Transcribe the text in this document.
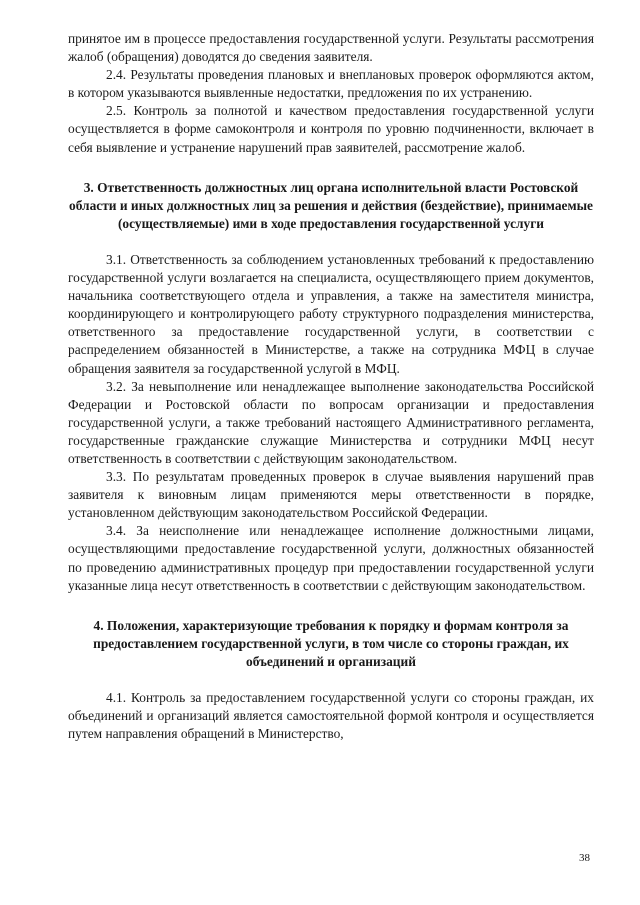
принятое им в процессе предоставления государственной услуги. Результаты рассмотрения жалоб (обращения) доводятся до сведения заявителя.

2.4. Результаты проведения плановых и внеплановых проверок оформляются актом, в котором указываются выявленные недостатки, предложения по их устранению.

2.5. Контроль за полнотой и качеством предоставления государственной услуги осуществляется в форме самоконтроля и контроля по уровню подчиненности, включает в себя выявление и устранение нарушений прав заявителей, рассмотрение жалоб.

3. Ответственность должностных лиц органа исполнительной власти Ростовской области и иных должностных лиц за решения и действия (бездействие), принимаемые (осуществляемые) ими в ходе предоставления государственной услуги

3.1. Ответственность за соблюдением установленных требований к предоставлению государственной услуги возлагается на специалиста, осуществляющего прием документов, начальника соответствующего отдела и управления, а также на заместителя министра, координирующего и контролирующего работу структурного подразделения министерства, ответственного за предоставление государственной услуги, в соответствии с распределением обязанностей в Министерстве, а также на сотрудника МФЦ в случае обращения заявителя за государственной услугой в МФЦ.

3.2. За невыполнение или ненадлежащее выполнение законодательства Российской Федерации и Ростовской области по вопросам организации и предоставления государственной услуги, а также требований настоящего Административного регламента, государственные гражданские служащие Министерства и сотрудники МФЦ несут ответственность в соответствии с действующим законодательством.

3.3. По результатам проведенных проверок в случае выявления нарушений прав заявителя к виновным лицам применяются меры ответственности в порядке, установленном действующим законодательством Российской Федерации.

3.4. За неисполнение или ненадлежащее исполнение должностными лицами, осуществляющими предоставление государственной услуги, должностных обязанностей по проведению административных процедур при предоставлении государственной услуги указанные лица несут ответственность в соответствии с действующим законодательством.

4. Положения, характеризующие требования к порядку и формам контроля за предоставлением государственной услуги, в том числе со стороны граждан, их объединений и организаций

4.1. Контроль за предоставлением государственной услуги со стороны граждан, их объединений и организаций является самостоятельной формой контроля и осуществляется путем направления обращений в Министерство,

38
